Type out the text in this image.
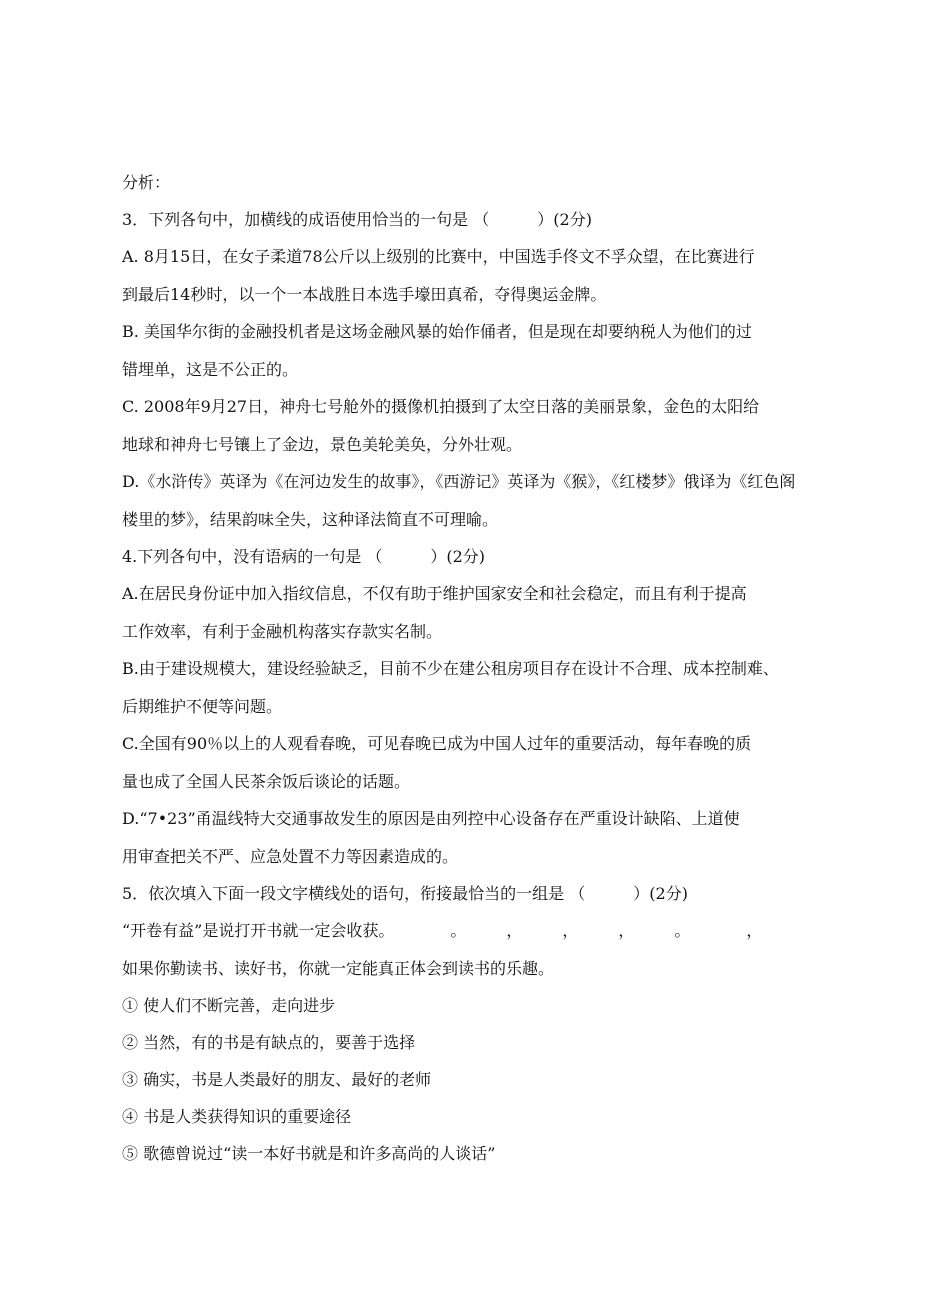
分析：
3．下列各句中，加横线的成语使用恰当的一句是 （　　　）(2分)
A. 8月15日，在女子柔道78公斤以上级别的比赛中，中国选手佟文不孚众望，在比赛进行
到最后14秒时，以一个一本战胜日本选手壕田真希，夺得奥运金牌。
B. 美国华尔街的金融投机者是这场金融风暴的始作俑者，但是现在却要纳税人为他们的过
错埋单，这是不公正的。
C. 2008年9月27日，神舟七号舱外的摄像机拍摄到了太空日落的美丽景象，金色的太阳给
地球和神舟七号镶上了金边，景色美轮美奂，分外壮观。
D.《水浒传》英译为《在河边发生的故事》，《西游记》英译为《猴》，《红楼梦》俄译为《红色阁
楼里的梦》，结果韵味全失，这种译法简直不可理喻。
4.下列各句中，没有语病的一句是 （　　　）(2分)
A.在居民身份证中加入指纹信息，不仅有助于维护国家安全和社会稳定，而且有利于提高
工作效率，有利于金融机构落实存款实名制。
B.由于建设规模大，建设经验缺乏，目前不少在建公租房项目存在设计不合理、成本控制难、
后期维护不便等问题。
C.全国有90％以上的人观看春晚，可见春晚已成为中国人过年的重要活动，每年春晚的质
量也成了全国人民茶余饭后谈论的话题。
D.“7•23”甬温线特大交通事故发生的原因是由列控中心设备存在严重设计缺陷、上道使
用审查把关不严、应急处置不力等因素造成的。
5．依次填入下面一段文字横线处的语句，衔接最恰当的一组是 （　　　）(2分)
“开卷有益”是说打开书就一定会收获。　　　　。　　　，　　　，　　　，　　　。　　　　，
如果你勤读书、读好书，你就一定能真正体会到读书的乐趣。
① 使人们不断完善，走向进步
② 当然，有的书是有缺点的，要善于选择
③ 确实，书是人类最好的朋友、最好的老师
④ 书是人类获得知识的重要途径
⑤ 歌德曾说过“读一本好书就是和许多高尚的人谈话”
